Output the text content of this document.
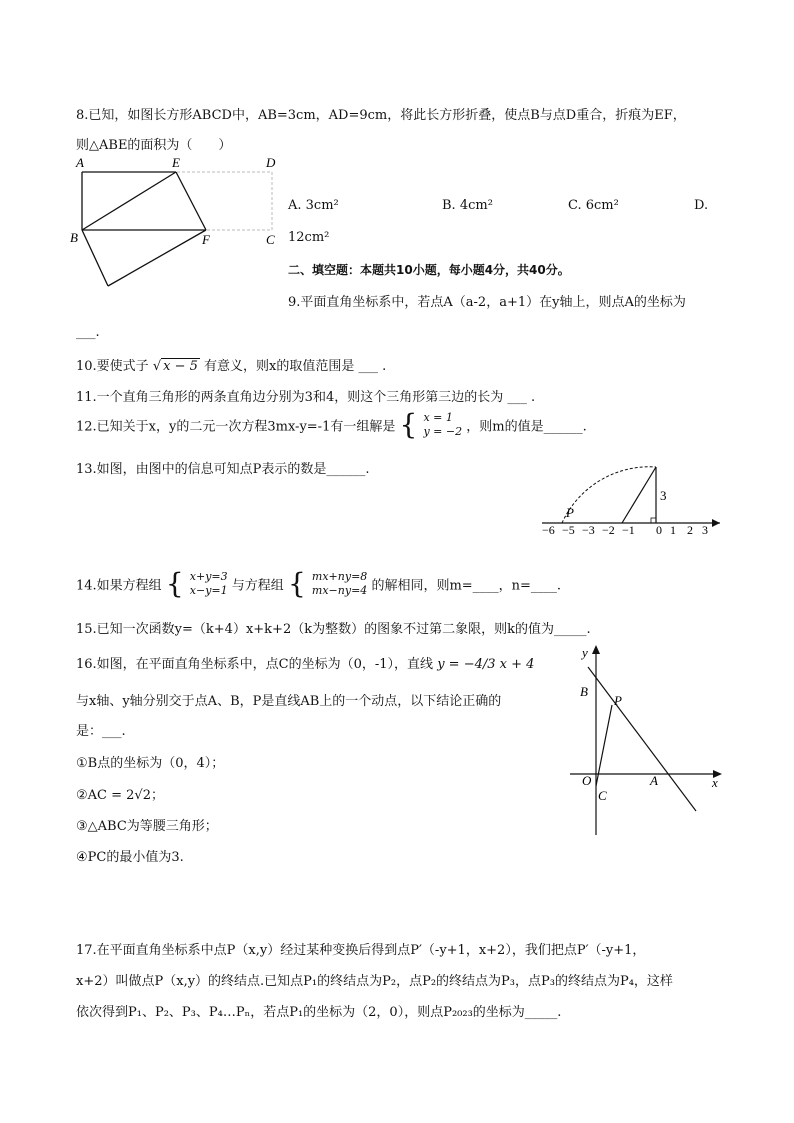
8.已知，如图长方形ABCD中，AB=3cm，AD=9cm，将此长方形折叠，使点B与点D重合，折痕为EF，
则△ABE的面积为（　　）
A	E	D
B	F	C
A. 3cm²	B. 4cm²	C. 6cm²	D.
12cm²
二、填空题：本题共10小题，每小题4分，共40分。
9.平面直角坐标系中，若点A（a-2，a+1）在y轴上，则点A的坐标为
___.
10.要使式子 √ x − 5 有意义，则x的取值范围是 ___ .
11.一个直角三角形的两条直角边分别为3和4，则这个三角形第三边的长为 ___ .
12.已知关于x，y的二元一次方程3mx-y=-1有一组解是 { x = 1
y = −2 ，则m的值是______.
13.如图，由图中的信息可知点P表示的数是______.
3
P
−6 −5 −3 −2 −1 0 1 2 3
14.如果方程组 { x+y=3
x−y=1 与方程组 { mx+ny=8
mx−ny=4 的解相同，则m=____，n=____.
15.已知一次函数y=（k+4）x+k+2（k为整数）的图象不过第二象限，则k的值为_____.
16.如图，在平面直角坐标系中，点C的坐标为（0，-1），直线 y = −4/3 x + 4
与x轴、y轴分别交于点A、B，P是直线AB上的一个动点，以下结论正确的
是：___.
①B点的坐标为（0，4）；
②AC = 2√2；
③△ABC为等腰三角形；
④PC的最小值为3.
y
x
B
P
O	A
C
17.在平面直角坐标系中点P（x,y）经过某种变换后得到点P′（-y+1，x+2），我们把点P′（-y+1，
x+2）叫做点P（x,y）的终结点.已知点P₁的终结点为P₂，点P₂的终结点为P₃，点P₃的终结点为P₄，这样
依次得到P₁、P₂、P₃、P₄…Pₙ，若点P₁的坐标为（2，0），则点P₂₀₂₃的坐标为_____.
